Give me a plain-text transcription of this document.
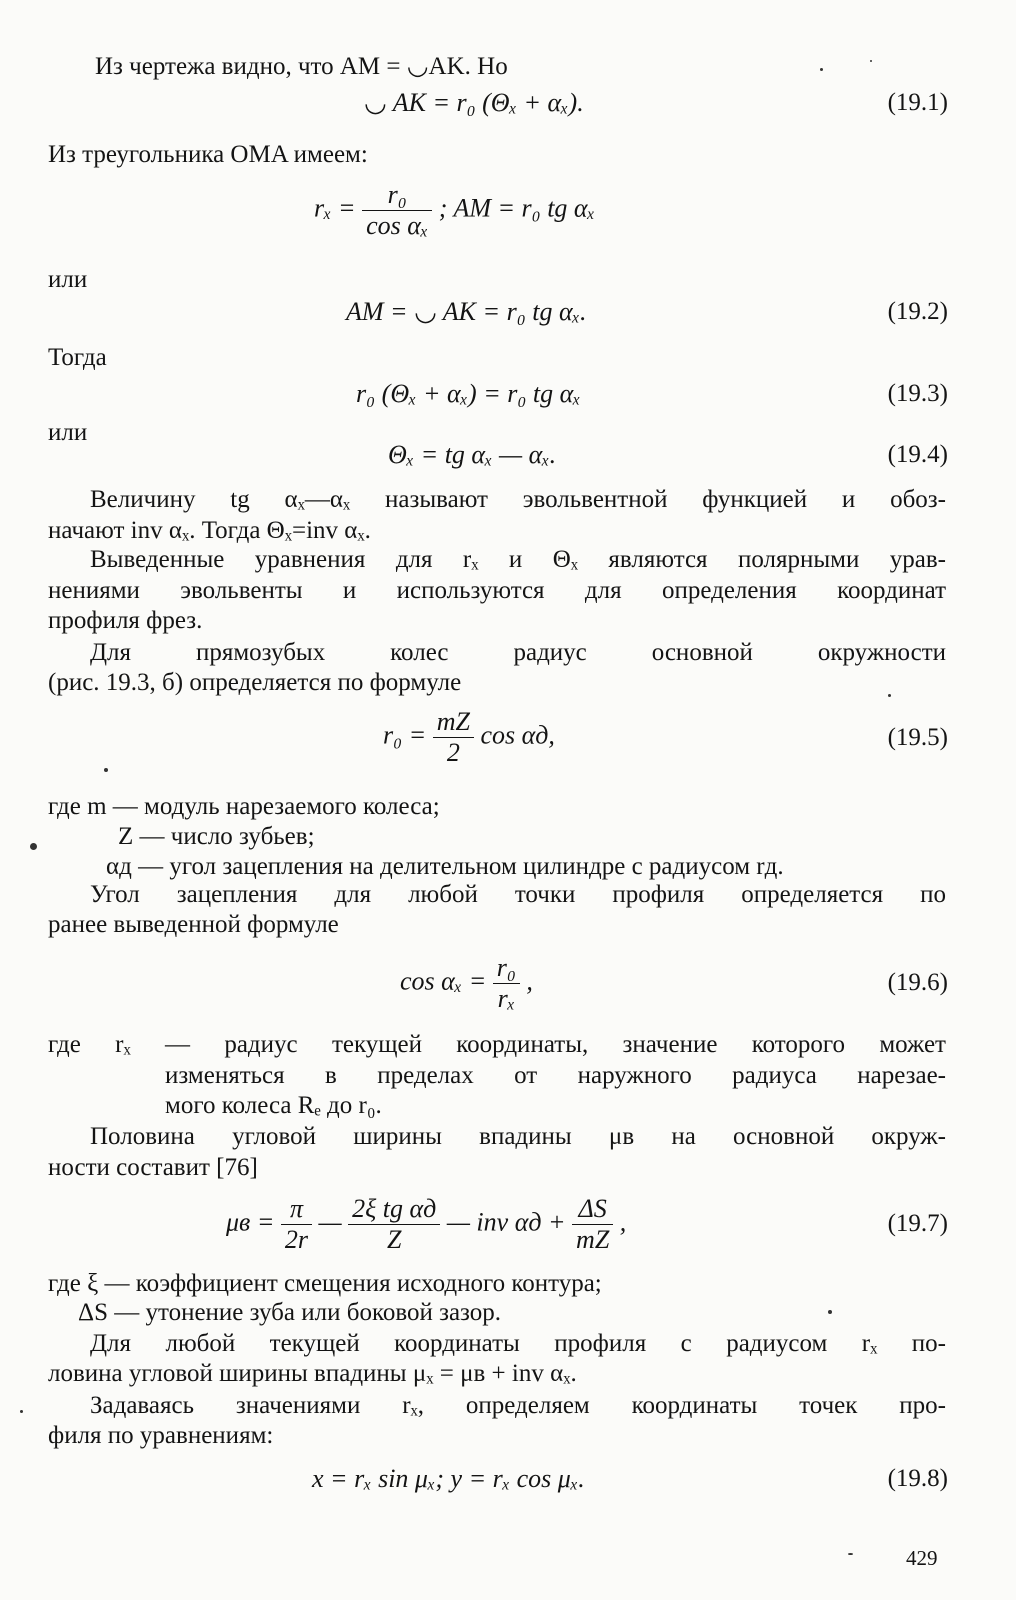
Из чертежа видно, что AM = ◡AK. Но
◡ AK = r₀ (Θₓ + αₓ).	(19.1)
Из треугольника OMA имеем:
$r_x = \frac{\text{r₀}}{\text{cos αₓ}}$ ; AM = r₀ tg αₓ
или
AM = ◡ AK = r₀ tg αₓ.	(19.2)
Тогда
r₀ (Θₓ + αₓ) = r₀ tg αₓ	(19.3)
или
Θₓ = tg αₓ — αₓ.	(19.4)
Величину tg αₓ—αₓ называют эвольвентной функцией и обоз-
начают inv αₓ. Тогда Θₓ=inv αₓ.
Выведенные уравнения для rₓ и Θₓ являются полярными урав-
нениями эвольвенты и используются для определения координат
профиля фрез.
Для прямозубых колес радиус основной окружности
(рис. 19.3, б) определяется по формуле
$r_0 = \frac{mZ}{2}$ cos αд,	(19.5)
где m — модуль нарезаемого колеса;
Z — число зубьев;
αд — угол зацепления на делительном цилиндре с радиусом rд.
Угол зацепления для любой точки профиля определяется по
ранее выведенной формуле
$\cos \alpha_x = \frac{\text{r₀}}{\text{rₓ}}$ ,	(19.6)
где rₓ — радиус текущей координаты, значение которого может
изменяться в пределах от наружного радиуса нарезае-
мого колеса Rₑ до r₀.
Половина угловой ширины впадины μв на основной окруж-
ности составит [76]
$\mu в = \frac{\pi}{2r}$ — $\frac{\text{2ξ tg αд}}{Z}$ — inv $\alpha д + \frac{\Delta S}{mZ}$ ,	(19.7)
где ξ — коэффициент смещения исходного контура;
ΔS — утонение зуба или боковой зазор.
Для любой текущей координаты профиля с радиусом rₓ по-
ловина угловой ширины впадины μₓ = μв + inv αₓ.
Задаваясь значениями rₓ, определяем координаты точек про-
филя по уравнениям:
x = rₓ sin μₓ; y = rₓ cos μₓ.	(19.8)
429
